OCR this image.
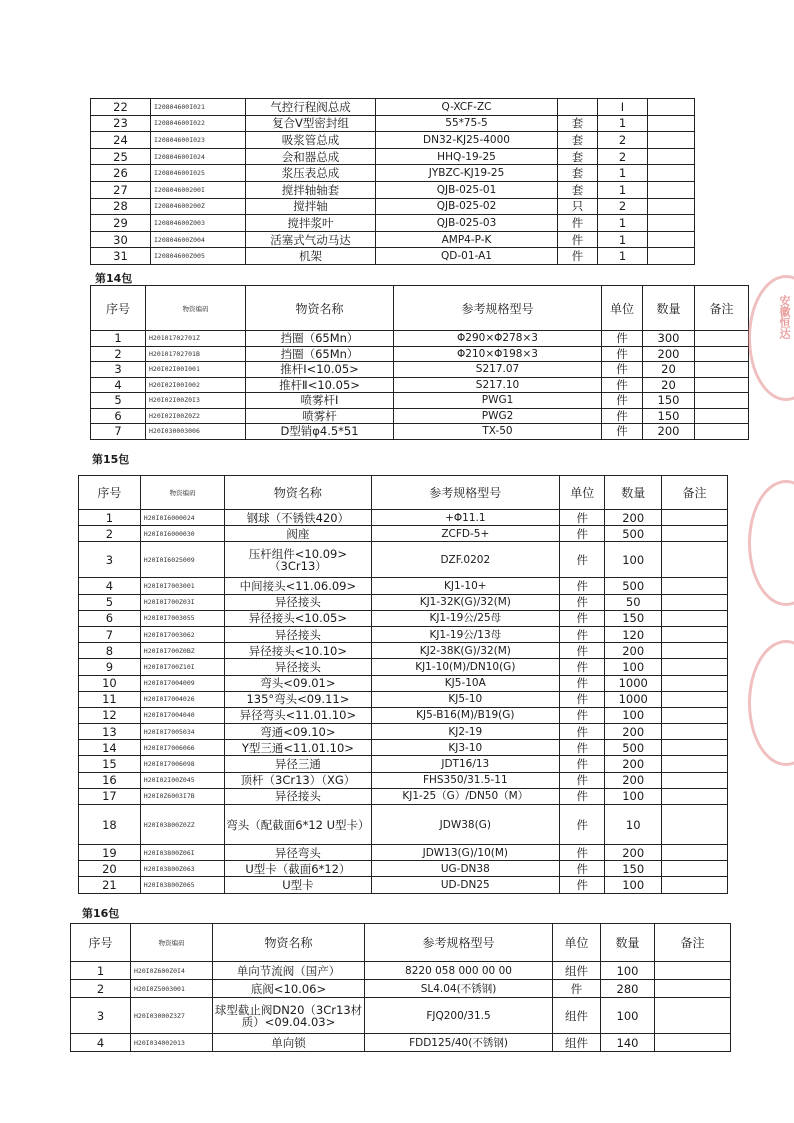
22	I20804600I021	气控行程阀总成	Q-XCF-ZC		I	
23	I20804600I022	复合V型密封组	55*75-5	套	1	
24	I20804600I023	吸浆管总成	DN32-KJ25-4000	套	2	
25	I20804600I024	会和器总成	HHQ-19-25	套	2	
26	I20804600I025	浆压表总成	JYBZC-KJ19-25	套	1	
27	I20804600200I	搅拌轴轴套	QJB-025-01	套	1	
28	I20804600200Z	搅拌轴	QJB-025-02	只	2	
29	I20804600Z003	搅拌浆叶	QJB-025-03	件	1	
30	I20804600Z004	活塞式气动马达	AMP4-P-K	件	1	
31	I20804600Z005	机架	QD-01-A1	件	1	
第14包
序号	物资编码	物资名称	参考规格型号	单位	数量	备注
1	H20101702701Z	挡圈（65Mn）	Φ290×Φ278×3	件	300	
2	H20101702701B	挡圈（65Mn）	Φ210×Φ198×3	件	200	
3	H20I02I00I001	推杆Ⅰ<10.05>	S217.07	件	20	
4	H20I02I00I002	推杆Ⅱ<10.05>	S217.10	件	20	
5	H20I02I00Z0I3	喷雾杆Ⅰ	PWG1	件	150	
6	H20I02I00Z0Z2	喷雾杆	PWG2	件	150	
7	H20I030003006	D型销φ4.5*51	TX-50	件	200	
第15包
序号	物资编码	物资名称	参考规格型号	单位	数量	备注
1	H20I0I6000024	钢球（不锈铁420）	+Φ11.1	件	200	
2	H20I0I6000030	阀座	ZCFD-5+	件	500	
3	H20I0I6025009	压杆组件<10.09>（3Cr13）	DZF.0202	件	100	
4	H20I0I7003001	中间接头<11.06.09>	KJ1-10+	件	500	
5	H20I0I700Z03I	异径接头	KJ1-32K(G)/32(M)	件	50	
6	H20I0I7003055	异径接头<10.05>	KJ1-19公/25母	件	150	
7	H20I0I7003062	异径接头	KJ1-19公/13母	件	120	
8	H20I0I700Z0BZ	异径接头<10.10>	KJ2-38K(G)/32(M)	件	200	
9	H20I0I700Z10I	异径接头	KJ1-10(M)/DN10(G)	件	100	
10	H20I0I7004009	弯头<09.01>	KJ5-10A	件	1000	
11	H20I0I7004026	135°弯头<09.11>	KJ5-10	件	1000	
12	H20I0I7004040	异径弯头<11.01.10>	KJ5-B16(M)/B19(G)	件	100	
13	H20I0I7005034	弯通<09.10>	KJ2-19	件	200	
14	H20I0I7006066	Y型三通<11.01.10>	KJ3-10	件	500	
15	H20I0I7006098	异径三通	JDT16/13	件	200	
16	H20I02I00Z045	顶杆（3Cr13）（XG）	FHS350/31.5-11	件	200	
17	H20I0Z6003I7B	异径接头	KJ1-25（G）/DN50（M）	件	100	
18	H20I03800Z0ZZ	弯头（配截面6*12 U型卡）	JDW38(G)	件	10	
19	H20I03800Z06I	异径弯头	JDW13(G)/10(M)	件	200	
20	H20I03800Z063	U型卡（截面6*12）	UG-DN38	件	150	
21	H20I03800Z065	U型卡	UD-DN25	件	100	
第16包
序号	物资编码	物资名称	参考规格型号	单位	数量	备注
1	H20I0Z600Z0I4	单向节流阀（国产）	8220 058 000 00 00	组件	100	
2	H20I0Z5003001	底阀<10.06>	SL4.04(不锈钢)	件	280	
3	H20I03000Z3Z7	球型截止阀DN20（3Cr13材质）<09.04.03>	FJQ200/31.5	组件	100	
4	H20I034002013	单向锁	FDD125/40(不锈钢)	组件	140	
安徽恒达
